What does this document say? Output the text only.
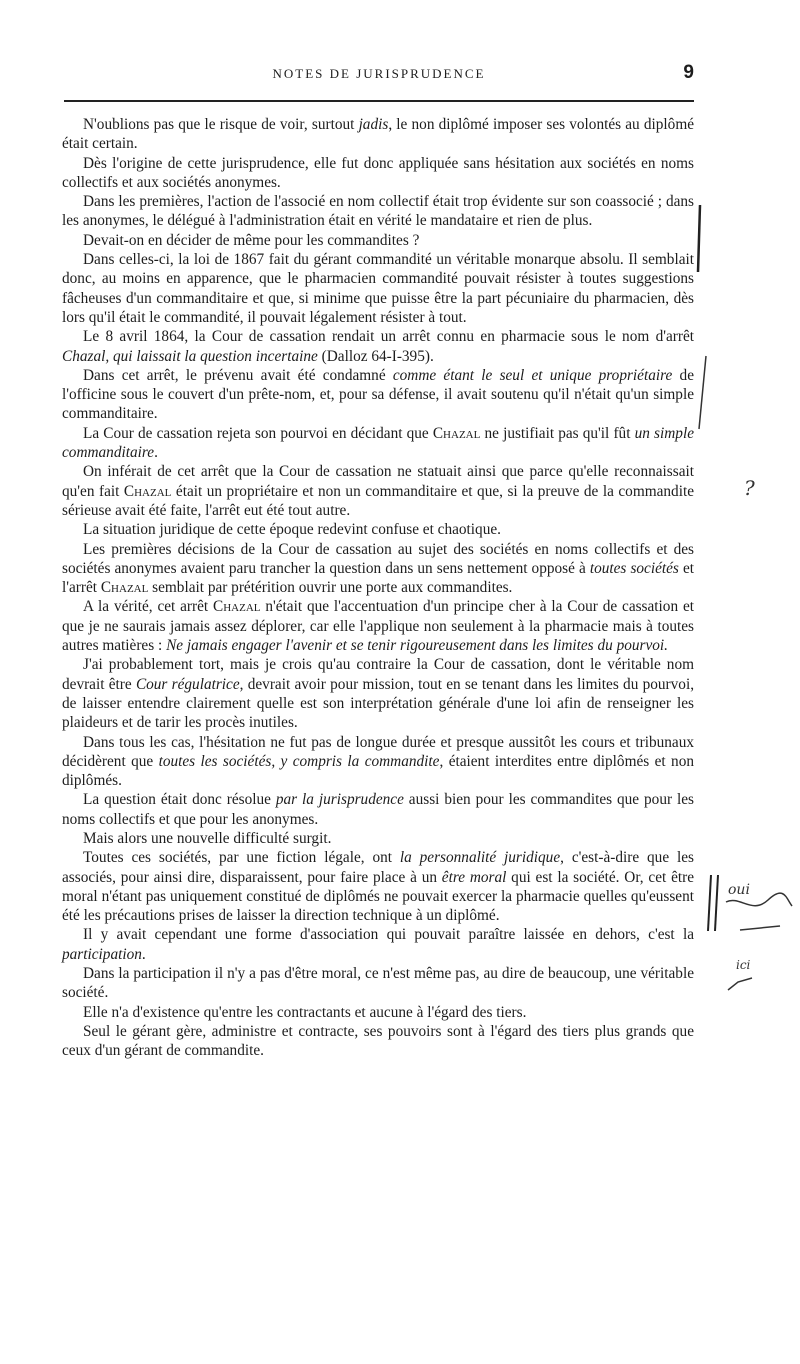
NOTES DE JURISPRUDENCE	9

N'oublions pas que le risque de voir, surtout jadis, le non diplômé imposer ses volontés au diplômé était certain.

Dès l'origine de cette jurisprudence, elle fut donc appliquée sans hésitation aux sociétés en noms collectifs et aux sociétés anonymes.

Dans les premières, l'action de l'associé en nom collectif était trop évidente sur son coassocié ; dans les anonymes, le délégué à l'administration était en vérité le mandataire et rien de plus.

Devait-on en décider de même pour les commandites ?

Dans celles-ci, la loi de 1867 fait du gérant commandité un véritable monarque absolu. Il semblait donc, au moins en apparence, que le pharmacien commandité pouvait résister à toutes suggestions fâcheuses d'un commanditaire et que, si minime que puisse être la part pécuniaire du pharmacien, dès lors qu'il était le commandité, il pouvait légalement résister à tout.

Le 8 avril 1864, la Cour de cassation rendait un arrêt connu en pharmacie sous le nom d'arrêt Chazal, qui laissait la question incertaine (Dalloz 64-I-395).

Dans cet arrêt, le prévenu avait été condamné comme étant le seul et unique propriétaire de l'officine sous le couvert d'un prête-nom, et, pour sa défense, il avait soutenu qu'il n'était qu'un simple commanditaire.

La Cour de cassation rejeta son pourvoi en décidant que Chazal ne justifiait pas qu'il fût un simple commanditaire.

On inférait de cet arrêt que la Cour de cassation ne statuait ainsi que parce qu'elle reconnaissait qu'en fait Chazal était un propriétaire et non un commanditaire et que, si la preuve de la commandite sérieuse avait été faite, l'arrêt eut été tout autre.

La situation juridique de cette époque redevint confuse et chaotique.

Les premières décisions de la Cour de cassation au sujet des sociétés en noms collectifs et des sociétés anonymes avaient paru trancher la question dans un sens nettement opposé à toutes sociétés et l'arrêt Chazal semblait par prétérition ouvrir une porte aux commandites.

A la vérité, cet arrêt Chazal n'était que l'accentuation d'un principe cher à la Cour de cassation et que je ne saurais jamais assez déplorer, car elle l'applique non seulement à la pharmacie mais à toutes autres matières : Ne jamais engager l'avenir et se tenir rigoureusement dans les limites du pourvoi.

J'ai probablement tort, mais je crois qu'au contraire la Cour de cassation, dont le véritable nom devrait être Cour régulatrice, devrait avoir pour mission, tout en se tenant dans les limites du pourvoi, de laisser entendre clairement quelle est son interprétation générale d'une loi afin de renseigner les plaideurs et de tarir les procès inutiles.

Dans tous les cas, l'hésitation ne fut pas de longue durée et presque aussitôt les cours et tribunaux décidèrent que toutes les sociétés, y compris la commandite, étaient interdites entre diplômés et non diplômés.

La question était donc résolue par la jurisprudence aussi bien pour les commandites que pour les noms collectifs et que pour les anonymes.

Mais alors une nouvelle difficulté surgit.

Toutes ces sociétés, par une fiction légale, ont la personnalité juridique, c'est-à-dire que les associés, pour ainsi dire, disparaissent, pour faire place à un être moral qui est la société. Or, cet être moral n'étant pas uniquement constitué de diplômés ne pouvait exercer la pharmacie quelles qu'eussent été les précautions prises de laisser la direction technique à un diplômé.

Il y avait cependant une forme d'association qui pouvait paraître laissée en dehors, c'est la participation.

Dans la participation il n'y a pas d'être moral, ce n'est même pas, au dire de beaucoup, une véritable société.

Elle n'a d'existence qu'entre les contractants et aucune à l'égard des tiers.

Seul le gérant gère, administre et contracte, ses pouvoirs sont à l'égard des tiers plus grands que ceux d'un gérant de commandite.

?
oui
ici
